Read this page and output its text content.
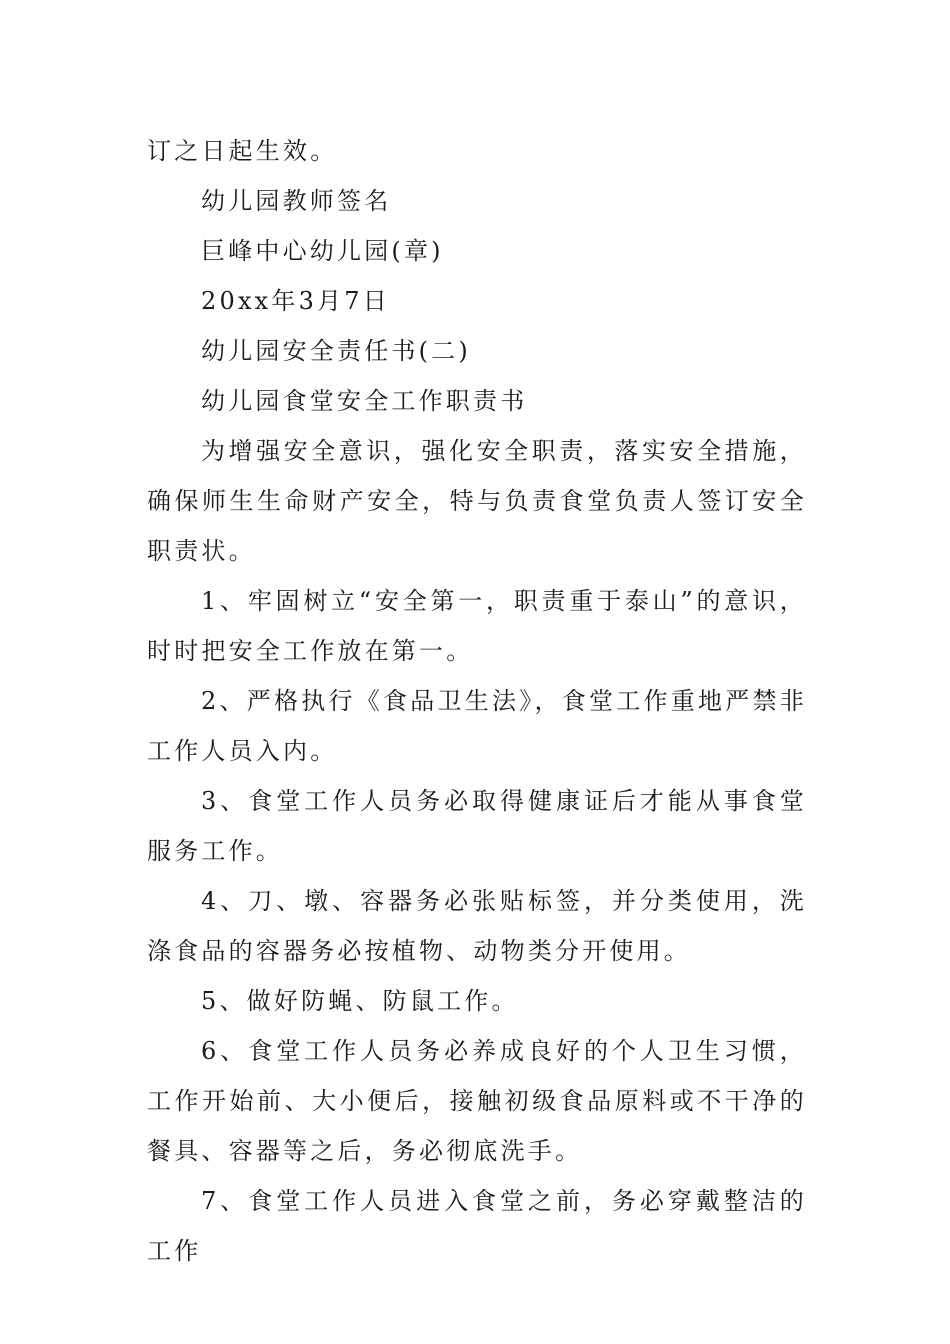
订之日起生效。

幼儿园教师签名

巨峰中心幼儿园(章)

20xx年3月7日

幼儿园安全责任书(二)

幼儿园食堂安全工作职责书

为增强安全意识，强化安全职责，落实安全措施，确保师生生命财产安全，特与负责食堂负责人签订安全职责状。

1、牢固树立“安全第一，职责重于泰山”的意识，时时把安全工作放在第一。

2、严格执行《食品卫生法》，食堂工作重地严禁非工作人员入内。

3、食堂工作人员务必取得健康证后才能从事食堂服务工作。

4、刀、墩、容器务必张贴标签，并分类使用，洗涤食品的容器务必按植物、动物类分开使用。

5、做好防蝇、防鼠工作。

6、食堂工作人员务必养成良好的个人卫生习惯，工作开始前、大小便后，接触初级食品原料或不干净的餐具、容器等之后，务必彻底洗手。

7、食堂工作人员进入食堂之前，务必穿戴整洁的工作
